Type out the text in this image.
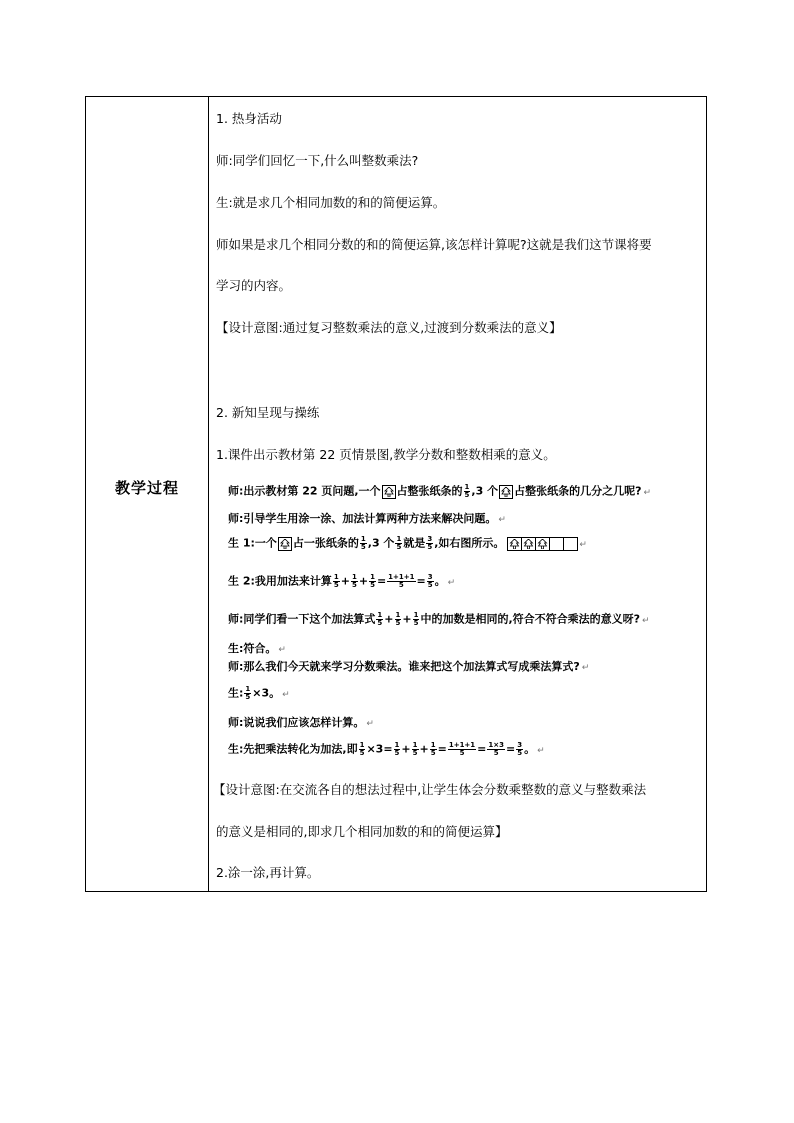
教学过程
1. 热身活动
师:同学们回忆一下,什么叫整数乘法?
生:就是求几个相同加数的和的简便运算。
师如果是求几个相同分数的和的简便运算,该怎样计算呢?这就是我们这节课将要
学习的内容。
【设计意图:通过复习整数乘法的意义,过渡到分数乘法的意义】
2. 新知呈现与操练
1.课件出示教材第 22 页情景图,教学分数和整数相乘的意义。
师:出示教材第 22 页问题,一个 占整张纸条的 $\frac{1}{5} ,3$ 个 占整张纸条的几分之几呢? ↵
师:引导学生用涂一涂、加法计算两种方法来解决问题。 ↵
生 1:一个 占一张纸条的 $\frac{1}{5} ,3$ 个 $\frac{1}{5}$ 就是 $\frac{3}{5}$ ,如右图所示。	↵
生 2:我用加法来计算 $\frac{1}{5} + \frac{1}{5} + \frac{1}{5} = \frac{1+1+1}{5} = \frac{3}{5}$ 。 ↵
师:同学们看一下这个加法算式 $\frac{1}{5} + \frac{1}{5} + \frac{1}{5}$ 中的加数是相同的,符合不符合乘法的意义呀? ↵
生:符合。 ↵
师:那么我们今天就来学习分数乘法。谁来把这个加法算式写成乘法算式? ↵
生: $\frac{1}{5} \times 3$。 ↵
师:说说我们应该怎样计算。 ↵
生:先把乘法转化为加法,即 $\frac{1}{5} \times 3= \frac{1}{5} + \frac{1}{5} + \frac{1}{5} = \frac{1+1+1}{5} = \frac{1\times 3}{5} = \frac{3}{5}$ 。 ↵
【设计意图:在交流各自的想法过程中,让学生体会分数乘整数的意义与整数乘法
的意义是相同的,即求几个相同加数的和的简便运算】
2.涂一涂,再计算。
